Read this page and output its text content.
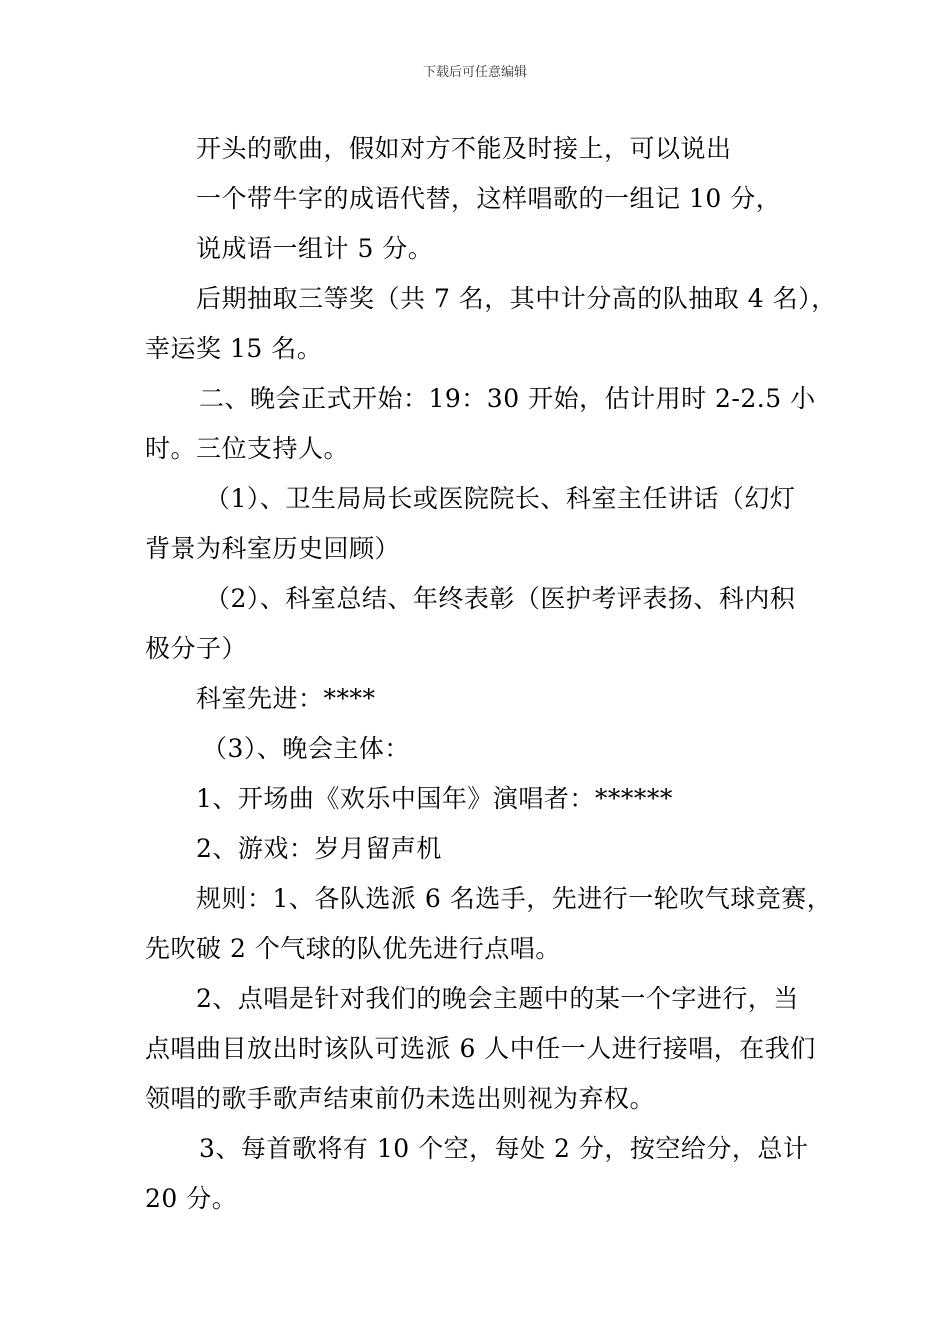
下载后可任意编辑
开头的歌曲，假如对方不能及时接上，可以说出
一个带牛字的成语代替，这样唱歌的一组记 10 分，
说成语一组计 5 分。
后期抽取三等奖（共 7 名，其中计分高的队抽取 4 名），
幸运奖 15 名。
二、晚会正式开始：19：30 开始，估计用时 2-2.5 小
时。三位支持人。
（1）、卫生局局长或医院院长、科室主任讲话（幻灯
背景为科室历史回顾）
（2）、科室总结、年终表彰（医护考评表扬、科内积
极分子）
科室先进：****
（3）、晚会主体：
1、开场曲《欢乐中国年》演唱者：******
2、游戏：岁月留声机
规则：1、各队选派 6 名选手，先进行一轮吹气球竞赛，
先吹破 2 个气球的队优先进行点唱。
2、点唱是针对我们的晚会主题中的某一个字进行，当
点唱曲目放出时该队可选派 6 人中任一人进行接唱，在我们
领唱的歌手歌声结束前仍未选出则视为弃权。
3、每首歌将有 10 个空，每处 2 分，按空给分，总计
20 分。
